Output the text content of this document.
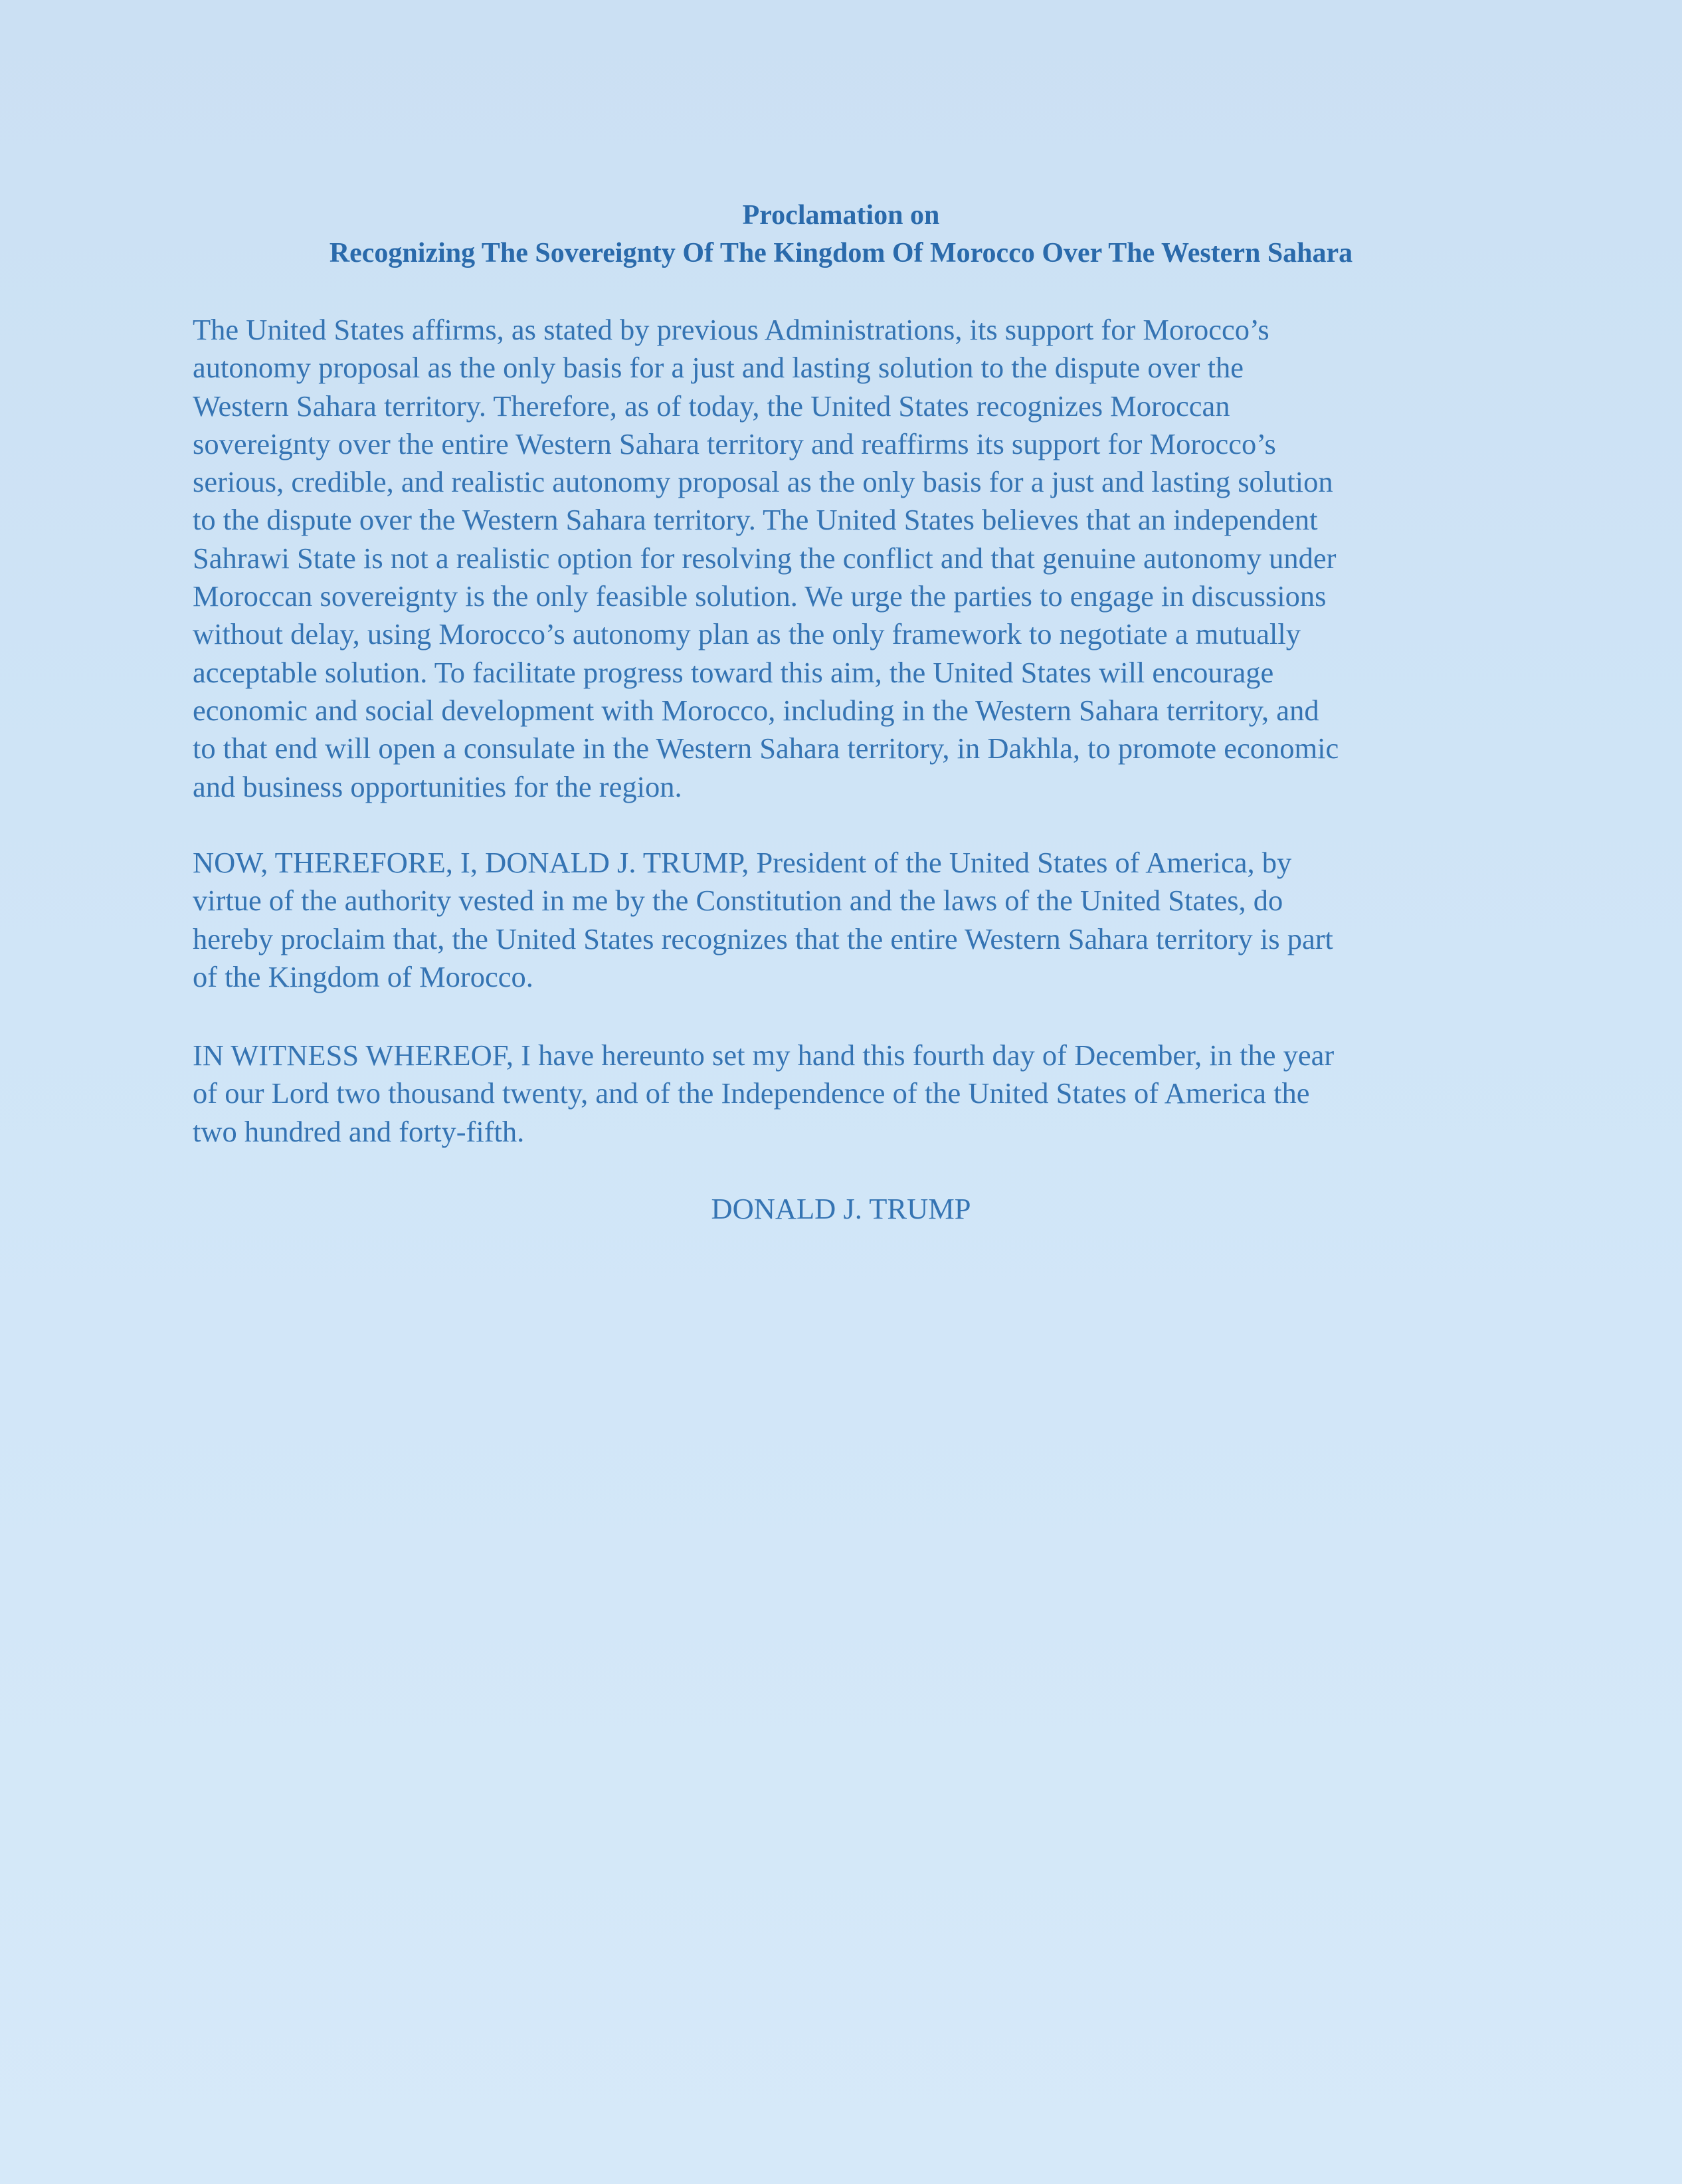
Proclamation on
Recognizing The Sovereignty Of The Kingdom Of Morocco Over The Western Sahara
The United States affirms, as stated by previous Administrations, its support for Morocco’s
autonomy proposal as the only basis for a just and lasting solution to the dispute over the
Western Sahara territory. Therefore, as of today, the United States recognizes Moroccan
sovereignty over the entire Western Sahara territory and reaffirms its support for Morocco’s
serious, credible, and realistic autonomy proposal as the only basis for a just and lasting solution
to the dispute over the Western Sahara territory. The United States believes that an independent
Sahrawi State is not a realistic option for resolving the conflict and that genuine autonomy under
Moroccan sovereignty is the only feasible solution. We urge the parties to engage in discussions
without delay, using Morocco’s autonomy plan as the only framework to negotiate a mutually
acceptable solution. To facilitate progress toward this aim, the United States will encourage
economic and social development with Morocco, including in the Western Sahara territory, and
to that end will open a consulate in the Western Sahara territory, in Dakhla, to promote economic
and business opportunities for the region.
NOW, THEREFORE, I, DONALD J. TRUMP, President of the United States of America, by
virtue of the authority vested in me by the Constitution and the laws of the United States, do
hereby proclaim that, the United States recognizes that the entire Western Sahara territory is part
of the Kingdom of Morocco.
IN WITNESS WHEREOF, I have hereunto set my hand this fourth day of December, in the year
of our Lord two thousand twenty, and of the Independence of the United States of America the
two hundred and forty-fifth.
DONALD J. TRUMP
